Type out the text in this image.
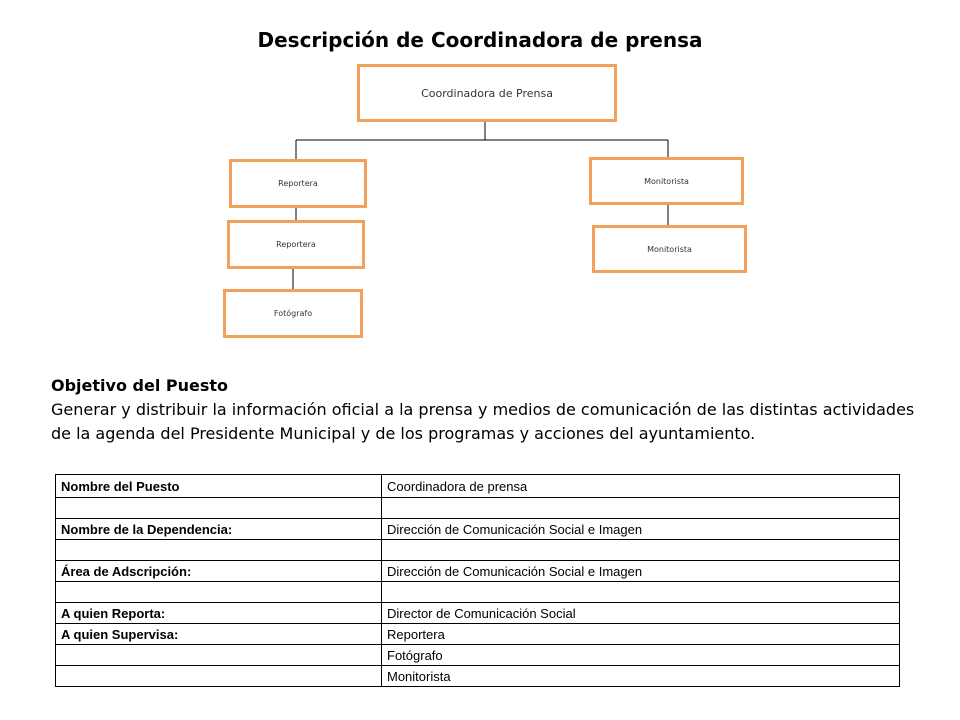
Descripción de Coordinadora de prensa
Coordinadora de Prensa
Reportera
Reportera
Fotógrafo
Monitorista
Monitorista
Objetivo del Puesto
Generar y distribuir la información oficial a la prensa y medios de comunicación de las distintas actividades de la agenda del Presidente Municipal y de los programas y acciones del ayuntamiento.
Nombre del Puesto	Coordinadora de prensa

Nombre de la Dependencia:	Dirección de Comunicación Social e Imagen

Área de Adscripción:	Dirección de Comunicación Social e Imagen

A quien Reporta:	Director de Comunicación Social
A quien Supervisa:	Reportera
	Fotógrafo
	Monitorista
